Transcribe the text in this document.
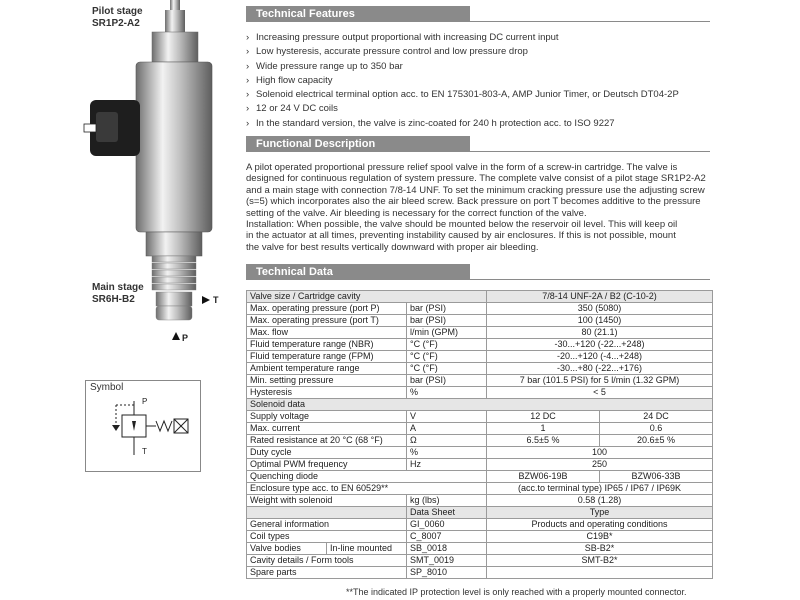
Pilot stage
SR1P2-A2
T
P
Main stage
SR6H-B2
Symbol
P
T
Technical Features
› Increasing pressure output proportional with increasing DC current input
› Low hysteresis, accurate pressure control and low pressure drop
› Wide pressure range up to 350 bar
› High flow capacity
› Solenoid electrical terminal option acc. to EN 175301-803-A, AMP Junior Timer, or Deutsch DT04-2P
› 12 or 24 V DC coils
› In the standard version, the valve is zinc-coated for 240 h protection acc. to ISO 9227
Functional Description

A pilot operated proportional pressure relief spool valve in the form of a screw-in cartridge. The valve is

designed for continuous regulation of system pressure. The complete valve consist of a pilot stage SR1P2-A2

and a main stage with connection 7/8-14 UNF. To set the minimum cracking pressure use the adjusting screw

(s=5) which incorporates also the air bleed screw. Back pressure on port T becomes additive to the pressure

setting of the valve. Air bleeding is necessary for the correct function of the valve.

Installation: When possible, the valve should be mounted below the reservoir oil level. This will keep oil

in the actuator at all times, preventing instability caused by air enclosures. If this is not possible, mount

the valve for best results vertically downward with proper air bleeding.

Technical Data
Valve size / Cartridge cavity			7/8-14 UNF-2A / B2 (C-10-2)	
Max. operating pressure (port P)		bar (PSI)	350 (5080)	
Max. operating pressure (port T)		bar (PSI)	100 (1450)	
Max. flow		l/min (GPM)	80 (21.1)	
Fluid temperature range (NBR)		°C (°F)	-30...+120 (-22...+248)	
Fluid temperature range (FPM)		°C (°F)	-20...+120 (-4...+248)	
Ambient temperature range		°C (°F)	-30...+80 (-22...+176)	
Min. setting pressure		bar (PSI)	7 bar (101.5 PSI) for 5 l/min (1.32 GPM)	
Hysteresis		%	< 5	
Solenoid data				
Supply voltage		V	12 DC	24 DC
Max. current		A	1	0.6
Rated resistance at 20 °C (68 °F)		Ω	6.5±5 %	20.6±5 %
Duty cycle		%	100	
Optimal PWM frequency		Hz	250	
Quenching diode			BZW06-19B	BZW06-33B
Enclosure type acc. to EN 60529**			(acc.to terminal type) IP65 / IP67 / IP69K	
Weight with solenoid		kg (lbs)	0.58 (1.28)	
		Data Sheet	Type	
General information		GI_0060	Products and operating conditions	
Coil types		C_8007	C19B*	
Valve bodies	In-line mounted	SB_0018	SB-B2*	
Cavity details / Form tools		SMT_0019	SMT-B2*	
Spare parts		SP_8010		
**The indicated IP protection level is only reached with a properly mounted connector.
